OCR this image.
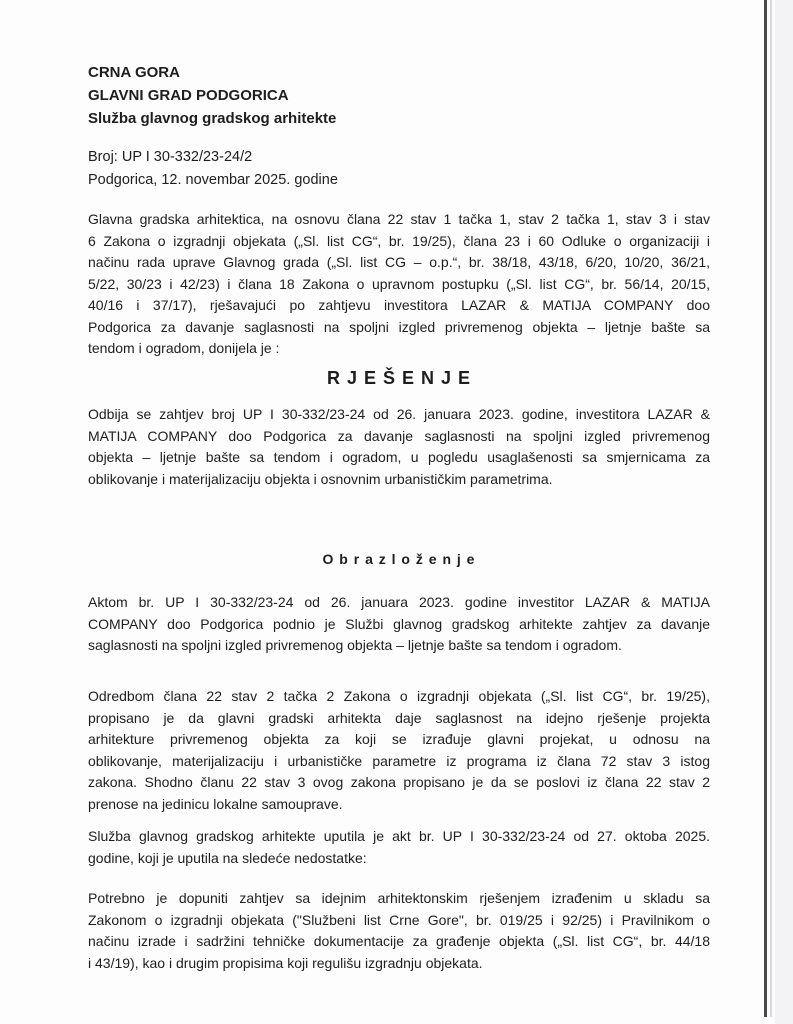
CRNA GORA
GLAVNI GRAD PODGORICA
Služba glavnog gradskog arhitekte
Broj: UP I 30-332/23-24/2
Podgorica, 12. novembar 2025. godine
Glavna gradska arhitektica, na osnovu člana 22 stav 1 tačka 1, stav 2 tačka 1, stav 3 i stav
6 Zakona o izgradnji objekata („Sl. list CG“, br. 19/25), člana 23 i 60 Odluke o organizaciji i
načinu rada uprave Glavnog grada („Sl. list CG – o.p.“, br. 38/18, 43/18, 6/20, 10/20, 36/21,
5/22, 30/23 i 42/23) i člana 18 Zakona o upravnom postupku („Sl. list CG“, br. 56/14, 20/15,
40/16 i 37/17), rješavajući po zahtjevu investitora LAZAR & MATIJA COMPANY doo
Podgorica za davanje saglasnosti na spoljni izgled privremenog objekta – ljetnje bašte sa
tendom i ogradom, donijela je :
R J E Š E N J E
Odbija se zahtjev broj UP I 30-332/23-24 od 26. januara 2023. godine, investitora LAZAR &
MATIJA COMPANY doo Podgorica za davanje saglasnosti na spoljni izgled privremenog
objekta – ljetnje bašte sa tendom i ogradom, u pogledu usaglašenosti sa smjernicama za
oblikovanje i materijalizaciju objekta i osnovnim urbanističkim parametrima.
O b r a z l o ž e n j e
Aktom br. UP I 30-332/23-24 od 26. januara 2023. godine investitor LAZAR & MATIJA
COMPANY doo Podgorica podnio je Službi glavnog gradskog arhitekte zahtjev za davanje
saglasnosti na spoljni izgled privremenog objekta – ljetnje bašte sa tendom i ogradom.
Odredbom člana 22 stav 2 tačka 2 Zakona o izgradnji objekata („Sl. list CG“, br. 19/25),
propisano je da glavni gradski arhitekta daje saglasnost na idejno rješenje projekta
arhitekture privremenog objekta za koji se izrađuje glavni projekat, u odnosu na
oblikovanje, materijalizaciju i urbanističke parametre iz programa iz člana 72 stav 3 istog
zakona. Shodno članu 22 stav 3 ovog zakona propisano je da se poslovi iz člana 22 stav 2
prenose na jedinicu lokalne samouprave.
Služba glavnog gradskog arhitekte uputila je akt br. UP I 30-332/23-24 od 27. oktoba 2025.
godine, koji je uputila na sledeće nedostatke:
Potrebno je dopuniti zahtjev sa idejnim arhitektonskim rješenjem izrađenim u skladu sa
Zakonom o izgradnji objekata ("Službeni list Crne Gore", br. 019/25 i 92/25) i Pravilnikom o
načinu izrade i sadržini tehničke dokumentacije za građenje objekta („Sl. list CG“, br. 44/18
i 43/19), kao i drugim propisima koji regulišu izgradnju objekata.
